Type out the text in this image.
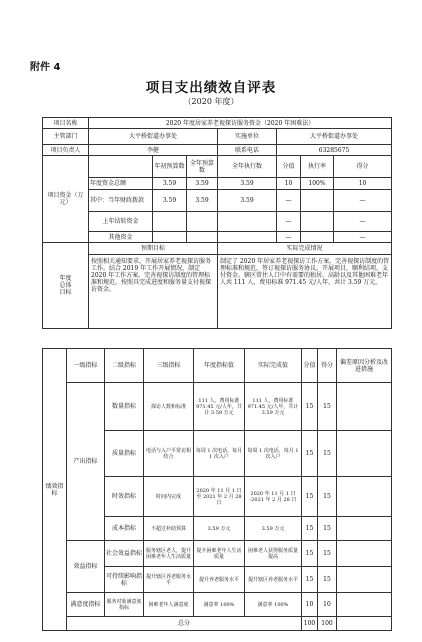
附件 4
项目支出绩效自评表
（2020 年度）
项目名称	2020 年度居家养老视探访服务资金（2020 年困难法）						
主管部门	大平桥街道办事处			实施单位	大平桥街道办事处		
项目负责人	李健			联系电话	63285675		
项目资金（万元）		年初预算数	全年预算数	全年执行数	分值	执行率	得分
	年度资金总额	3.59	3.59	3.59	10	100%	10
	其中：当年财政拨款	3.59	3.59	3.59	—		—
	上年结转资金				—		—
	其他资金				—		—
年度总体目标	预期目标			实际完成情况			
	按照相关通知要求，开展居家养老视探访服务工作。结合 2019 年工作开展情况，制定 2020 年工作方案，完善视探访制度的管理标准和规范，按照具完成进度和服务量支付视探访资金。			制定了 2020 年居家养老视探访工作方案，完善视探访制度的管理标准和规范，签订视探访服务协议，开展项目，顺利结项，支付资金。辖区常住人口中有需要的独居、高龄以及其他困难老年人共 111 人，费用标准 971.45 元/人年，共计 3.59 万元。			
绩效指标	一级指标	二级指标	三级指标	年度指标值	实际完成值	分值	得分	偏差原因分析及改进措施
	产出指标	数量指标	探访人数和标准	111 人，费用标准 971.45 元/人年，共计 3.59 万元	111 人，费用标准 971.45 元/人年，共计 3.59 万元	15	15	
		质量指标	电话与入户平常访相结合	每周 1 次电话，每月 1 次入户	每周 1 次电话，每月 1 次入户	15	15	
		时效指标	时间内完成	2020 年 11 月 1 日至 2021 年 2 月 28 日	2020 年 11 月 1 日 -2021 年 2 月 28 日	15	15	
		成本指标	不超过补助预算	3.59 万元	3.59 万元	15	15	
	效益指标	社会效益指标	服务辖区老人，提升困难老年人生活质量	提升困难老年人生活质量	困难老人获得服务质量提高	15	15	
		可持续影响指标	提升辖区养老服务水平	提升养老服务水平	提升辖区养老服务水平	15	15	
	满意度指标	服务对象满意度指标	困难老年人满意度	满意率 100%	满意率 100%	10	10	
	总分					100	100	
